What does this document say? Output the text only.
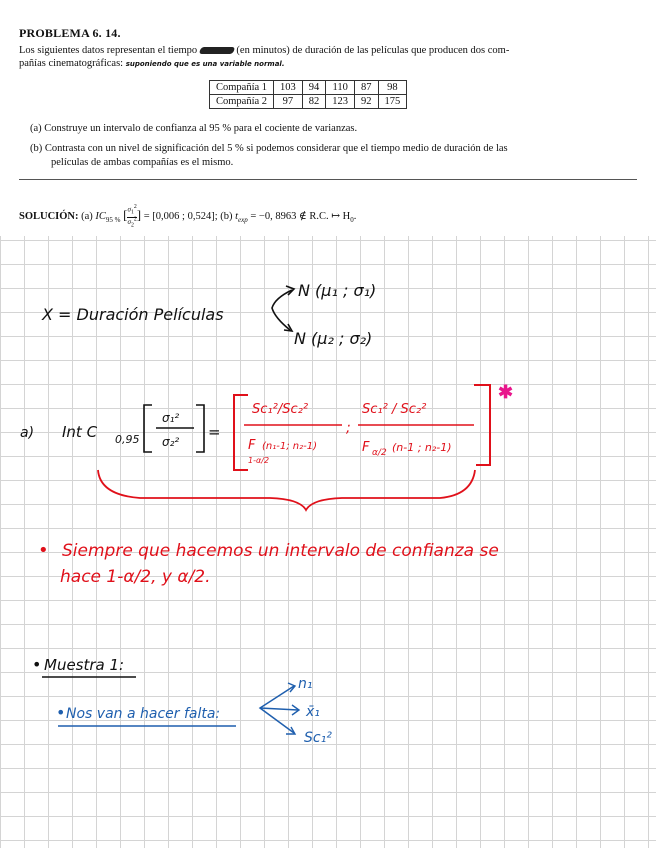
PROBLEMA 6. 14.
Los siguientes datos representan el tiempo	(en minutos) de duración de las películas que producen dos com-
pañías cinematográficas: suponiendo que es una variable normal.
Compañía 1	103	94	110	87	98
Compañía 2	97	82	123	92	175
(a) Construye un intervalo de confianza al 95 % para el cociente de varianzas.
(b) Contrasta con un nivel de significación del 5 % si podemos considerar que el tiempo medio de duración de las
películas de ambas compañías es el mismo.
SOLUCIÓN: (a) $IC_{95 \%}$ [$\sigma_1^2$
$\sigma_2^2] = [0,006$ ; 0,524]; (b) $t_{exp} = -0$, 8963 ∉ R.C. ↦ $H_0$.
X = Duración Películas
N (μ₁ ; σ₁)
N (μ₂ ; σ₂)
a) Int C 0,95
σ₁²
σ₂²
=
Sc₁²/Sc₂²
F (n₁-1; n₂-1)
1-α/2
;
Sc₁² / Sc₂²
F α/2 (n-1 ; n₂-1)
✱
• Siempre que hacemos un intervalo de confianza se
hace 1-α/2, y α/2.
• Muestra 1:
• Nos van a hacer falta:
n₁
x̄₁
Sc₁²
